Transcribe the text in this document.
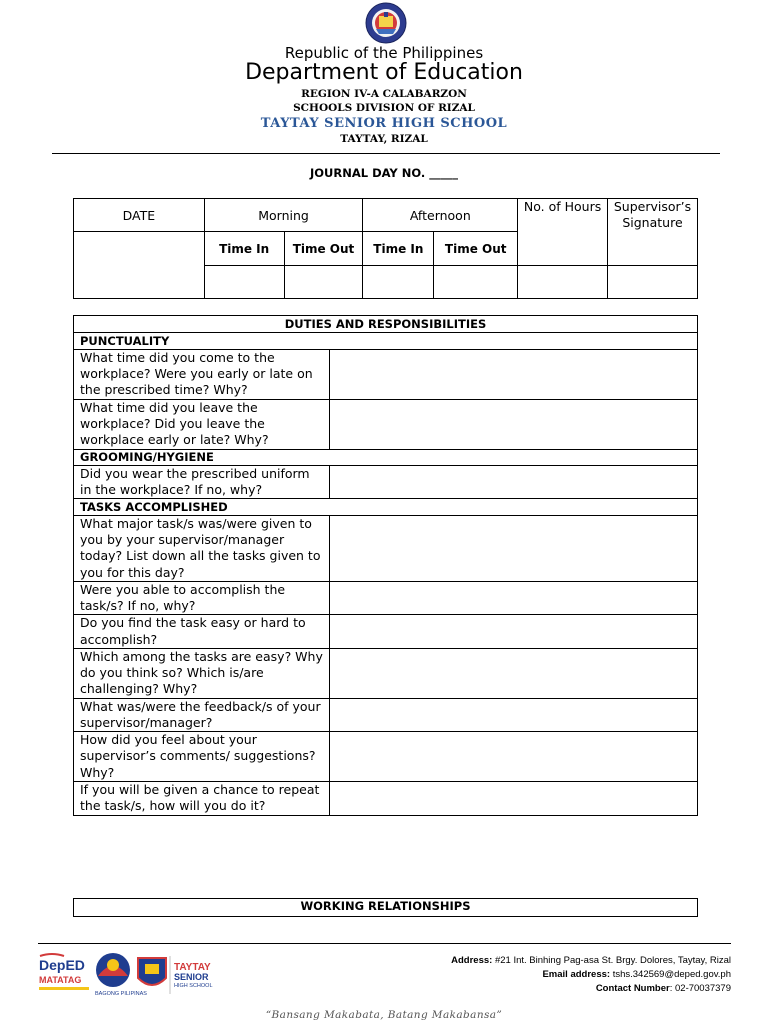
Republic of the Philippines
Department of Education
REGION IV-A CALABARZON
SCHOOLS DIVISION OF RIZAL
TAYTAY SENIOR HIGH SCHOOL
TAYTAY, RIZAL
JOURNAL DAY NO. _____
DATE	Morning		Afternoon		No. of Hours	Supervisor’s Signature
	Time In	Time Out	Time In	Time Out		

DUTIES AND RESPONSIBILITIES	
PUNCTUALITY	
What time did you come to the workplace? Were you early or late on the prescribed time? Why?	
What time did you leave the workplace? Did you leave the workplace early or late? Why?	
GROOMING/HYGIENE	
Did you wear the prescribed uniform in the workplace? If no, why?	
TASKS ACCOMPLISHED	
What major task/s was/were given to you by your supervisor/manager today? List down all the tasks given to you for this day?	
Were you able to accomplish the task/s? If no, why?	
Do you find the task easy or hard to accomplish?	
Which among the tasks are easy? Why do you think so? Which is/are challenging? Why?	
What was/were the feedback/s of your supervisor/manager?	
How did you feel about your supervisor’s comments/ suggestions? Why?	
If you will be given a chance to repeat the task/s, how will you do it?	
WORKING RELATIONSHIPS
DepED
MATATAG
BAGONG PILIPINAS
TAYTAY
SENIOR
HIGH SCHOOL
Address: #21 Int. Binhing Pag-asa St. Brgy. Dolores, Taytay, Rizal
Email address: tshs.342569@deped.gov.ph
Contact Number: 02-70037379
“Bansang Makabata, Batang Makabansa”
